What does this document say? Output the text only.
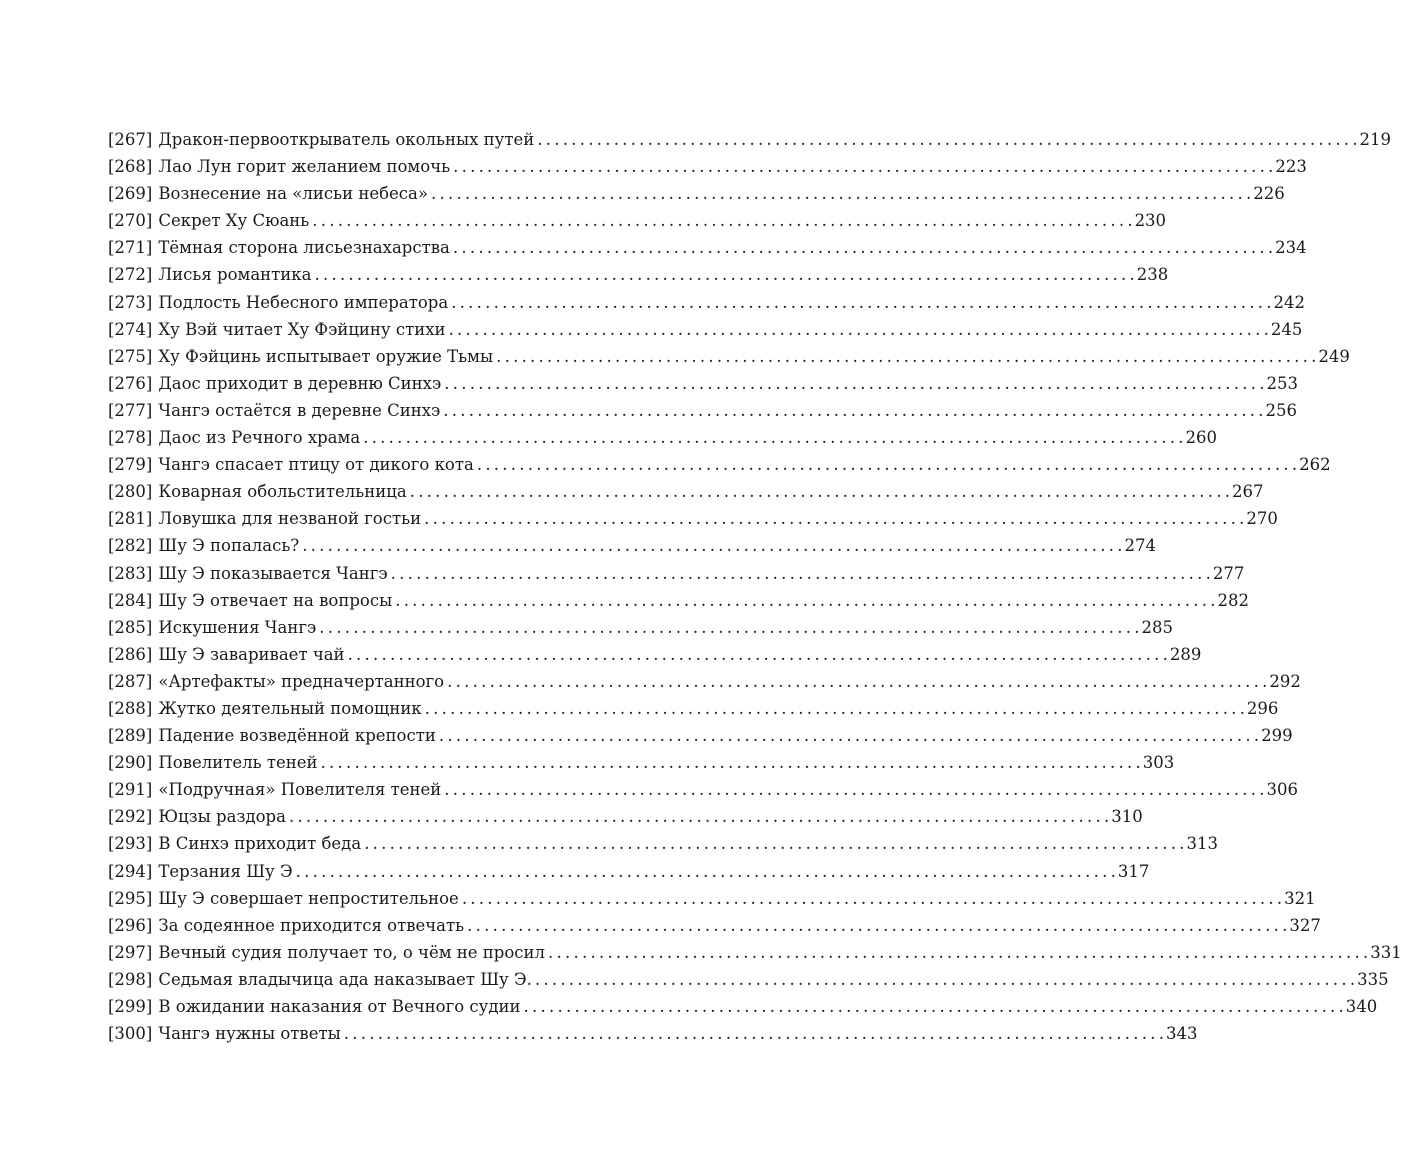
[267] Дракон-первооткрыватель окольных путей . . .	219
[268] Лао Лун горит желанием помочь . . .	223
[269] Вознесение на «лисьи небеса» . . .	226
[270] Секрет Ху Сюань . . .	230
[271] Тёмная сторона лисьезнахарства . . .	234
[272] Лисья романтика . . .	238
[273] Подлость Небесного императора . . .	242
[274] Ху Вэй читает Ху Фэйцину стихи . . .	245
[275] Ху Фэйцинь испытывает оружие Тьмы . . .	249
[276] Даос приходит в деревню Синхэ . . .	253
[277] Чангэ остаётся в деревне Синхэ . . .	256
[278] Даос из Речного храма . . .	260
[279] Чангэ спасает птицу от дикого кота . . .	262
[280] Коварная обольстительница . . .	267
[281] Ловушка для незваной гостьи . . .	270
[282] Шу Э попалась? . . .	274
[283] Шу Э показывается Чангэ . . .	277
[284] Шу Э отвечает на вопросы . . .	282
[285] Искушения Чангэ . . .	285
[286] Шу Э заваривает чай . . .	289
[287] «Артефакты» предначертанного . . .	292
[288] Жутко деятельный помощник . . .	296
[289] Падение возведённой крепости . . .	299
[290] Повелитель теней . . .	303
[291] «Подручная» Повелителя теней . . .	306
[292] Юцзы раздора . . .	310
[293] В Синхэ приходит беда . . .	313
[294] Терзания Шу Э . . .	317
[295] Шу Э совершает непростительное . . .	321
[296] За содеянное приходится отвечать . . .	327
[297] Вечный судия получает то, о чём не просил . . .	331
[298] Седьмая владычица ада наказывает Шу Э. . . .	335
[299] В ожидании наказания от Вечного судии . . .	340
[300] Чангэ нужны ответы . . .	343
